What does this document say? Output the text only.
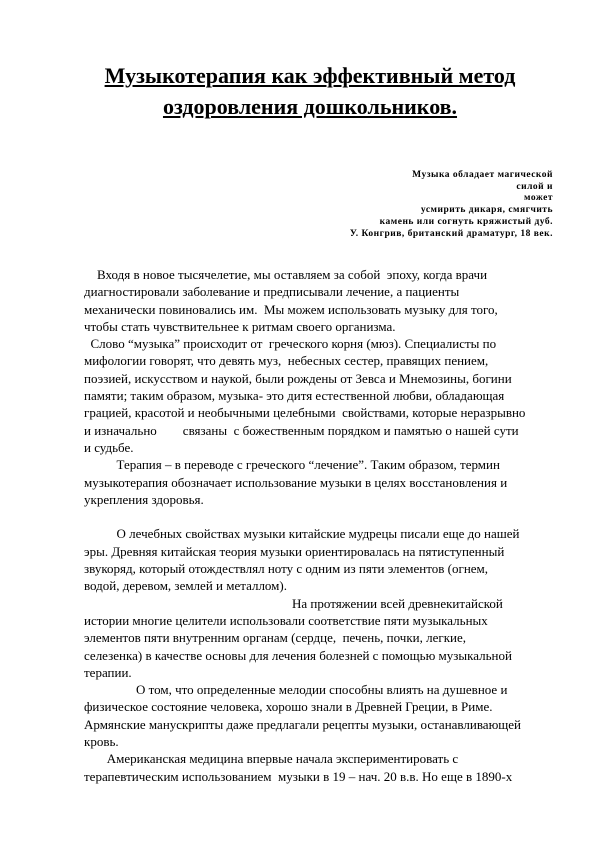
Музыкотерапия как эффективный метод
оздоровления дошкольников.
Музыка обладает магической
силой и
может
усмирить дикаря, смягчить
камень или согнуть кряжистый дуб.
У. Конгрив, британский драматург, 18 век.
Входя в новое тысячелетие, мы оставляем за собой  эпоху, когда врачи
диагностировали заболевание и предписывали лечение, а пациенты
механически повиновались им.  Мы можем использовать музыку для того,
чтобы стать чувствительнее к ритмам своего организма.
Слово “музыка” происходит от  греческого корня (мюз). Специалисты по
мифологии говорят, что девять муз,  небесных сестер, правящих пением,
поэзией, искусством и наукой, были рождены от Зевса и Мнемозины, богини
памяти; таким образом, музыка- это дитя естественной любви, обладающая
грацией, красотой и необычными целебными  свойствами, которые неразрывно
и изначально        связаны  с божественным порядком и памятью о нашей сути
и судьбе.
Терапия – в переводе с греческого “лечение”. Таким образом, термин
музыкотерапия обозначает использование музыки в целях восстановления и
укрепления здоровья.
О лечебных свойствах музыки китайские мудрецы писали еще до нашей
эры. Древняя китайская теория музыки ориентировалась на пятиступенный
звукоряд, который отождествлял ноту с одним из пяти элементов (огнем,
водой, деревом, землей и металлом).
На протяжении всей древнекитайской
истории многие целители использовали соответствие пяти музыкальных
элементов пяти внутренним органам (сердце,  печень, почки, легкие,
селезенка) в качестве основы для лечения болезней с помощью музыкальной
терапии.
О том, что определенные мелодии способны влиять на душевное и
физическое состояние человека, хорошо знали в Древней Греции, в Риме.
Армянские манускрипты даже предлагали рецепты музыки, останавливающей
кровь.
Американская медицина впервые начала экспериментировать с
терапевтическим использованием  музыки в 19 – нач. 20 в.в. Но еще в 1890-х
